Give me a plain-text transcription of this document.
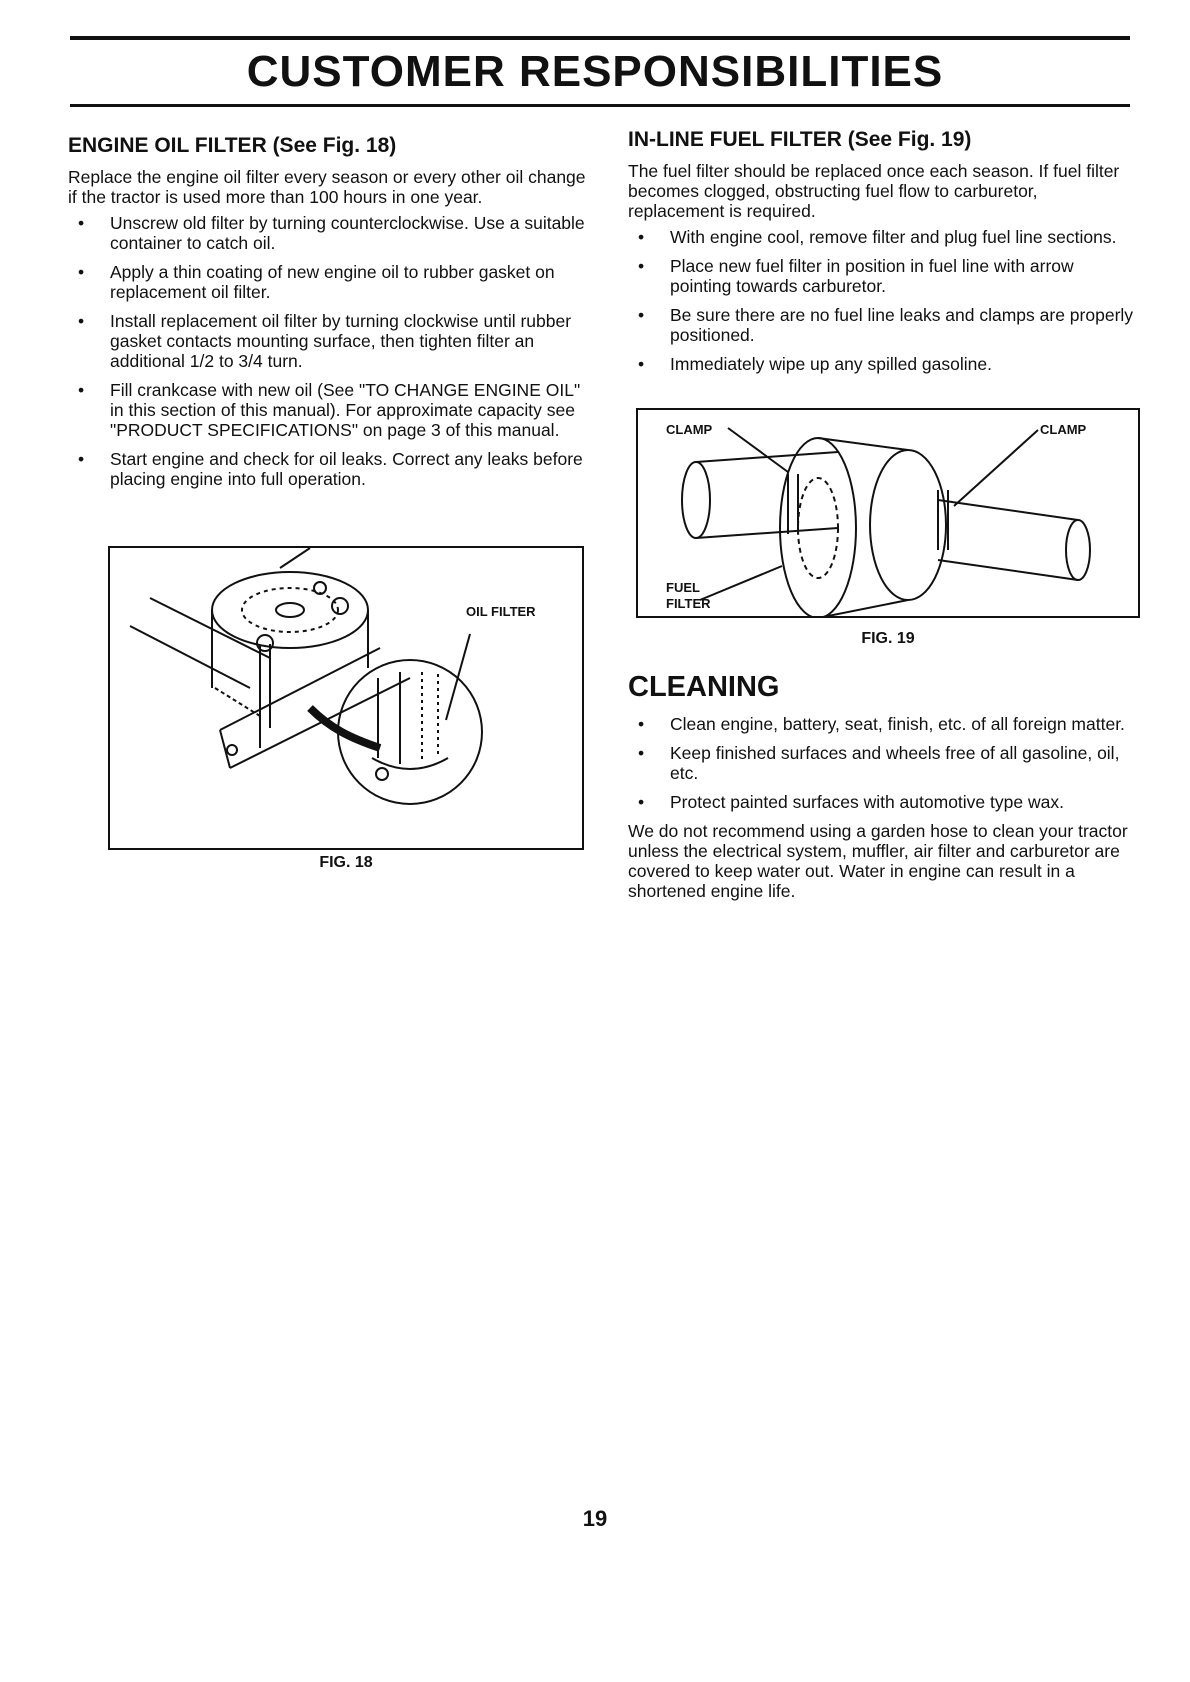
CUSTOMER RESPONSIBILITIES
ENGINE OIL FILTER (See Fig. 18)
Replace the engine oil filter every season or every other oil change if the tractor is used more than 100 hours in one year.
• Unscrew old filter by turning counterclockwise. Use a suitable container to catch oil.
• Apply a thin coating of new engine oil to rubber gasket on replacement oil filter.
• Install replacement oil filter by turning clockwise until rubber gasket contacts mounting surface, then tighten filter an additional 1/2 to 3/4 turn.
• Fill crankcase with new oil (See "TO CHANGE ENGINE OIL" in this section of this manual). For approximate capacity see "PRODUCT SPECIFICATIONS" on page 3 of this manual.
• Start engine and check for oil leaks. Correct any leaks before placing engine into full operation.
OIL FILTER
FIG. 18
IN-LINE FUEL FILTER (See Fig. 19)
The fuel filter should be replaced once each season. If fuel filter becomes clogged, obstructing fuel flow to carburetor, replacement is required.
• With engine cool, remove filter and plug fuel line sections.
• Place new fuel filter in position in fuel line with arrow pointing towards carburetor.
• Be sure there are no fuel line leaks and clamps are properly positioned.
• Immediately wipe up any spilled gasoline.
CLAMP	CLAMP
FUEL
FILTER
FIG. 19
CLEANING
• Clean engine, battery, seat, finish, etc. of all foreign matter.
• Keep finished surfaces and wheels free of all gasoline, oil, etc.
• Protect painted surfaces with automotive type wax.
We do not recommend using a garden hose to clean your tractor unless the electrical system, muffler, air filter and carburetor are covered to keep water out. Water in engine can result in a shortened engine life.
19
